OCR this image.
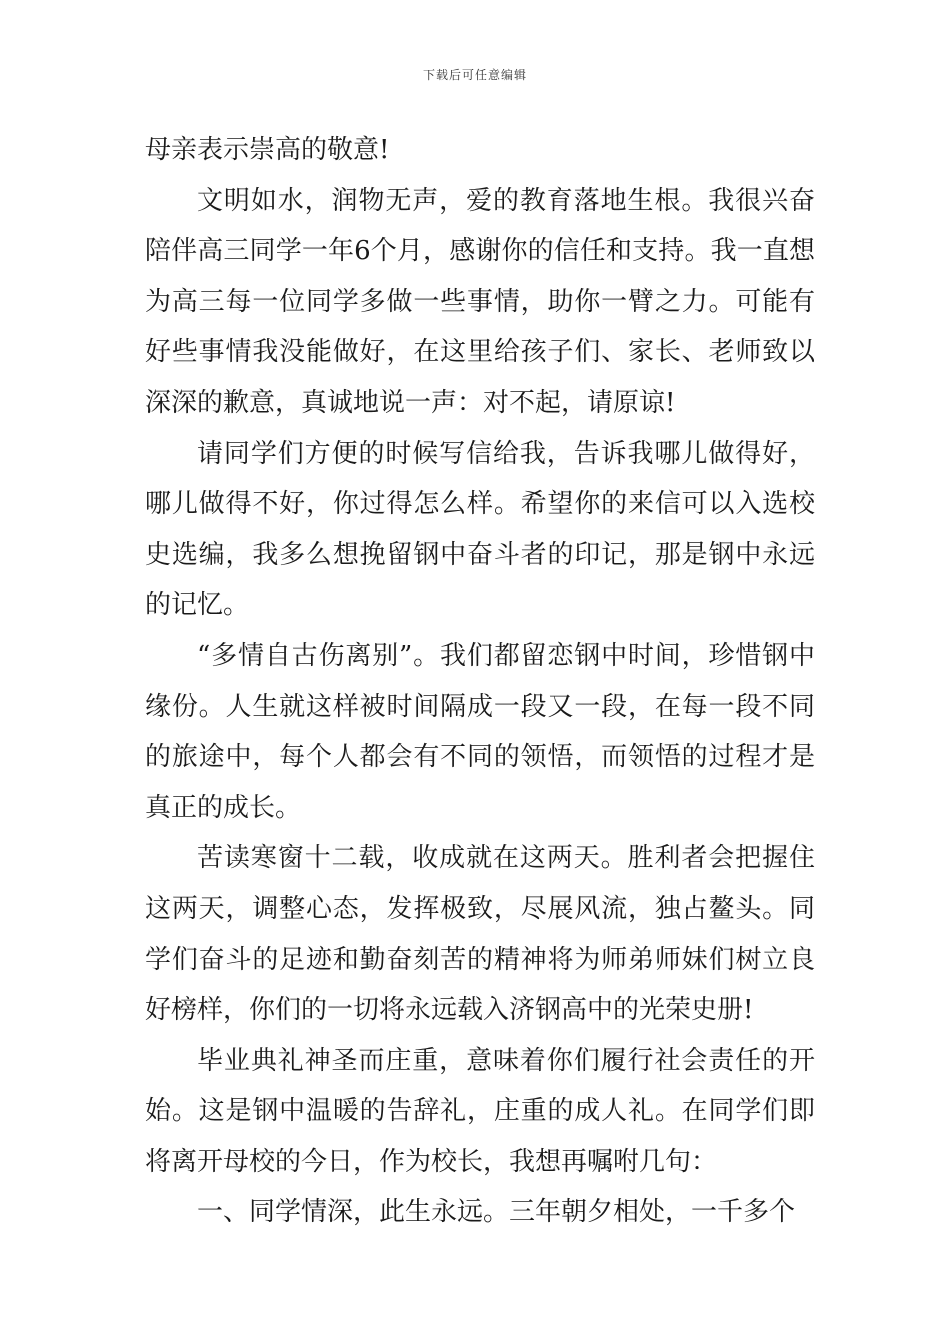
下载后可任意编辑

母亲表示崇高的敬意!

文明如水，润物无声，爱的教育落地生根。我很兴奋陪伴高三同学一年6个月，感谢你的信任和支持。我一直想为高三每一位同学多做一些事情，助你一臂之力。可能有好些事情我没能做好，在这里给孩子们、家长、老师致以深深的歉意，真诚地说一声：对不起，请原谅!

请同学们方便的时候写信给我，告诉我哪儿做得好，哪儿做得不好，你过得怎么样。希望你的来信可以入选校史选编，我多么想挽留钢中奋斗者的印记，那是钢中永远的记忆。

“多情自古伤离别”。我们都留恋钢中时间，珍惜钢中缘份。人生就这样被时间隔成一段又一段，在每一段不同的旅途中，每个人都会有不同的领悟，而领悟的过程才是真正的成长。

苦读寒窗十二载，收成就在这两天。胜利者会把握住这两天，调整心态，发挥极致，尽展风流，独占鳌头。同学们奋斗的足迹和勤奋刻苦的精神将为师弟师妹们树立良好榜样，你们的一切将永远载入济钢高中的光荣史册!

毕业典礼神圣而庄重，意味着你们履行社会责任的开始。这是钢中温暖的告辞礼，庄重的成人礼。在同学们即将离开母校的今日，作为校长，我想再嘱咐几句：

一、同学情深，此生永远。三年朝夕相处，一千多个
